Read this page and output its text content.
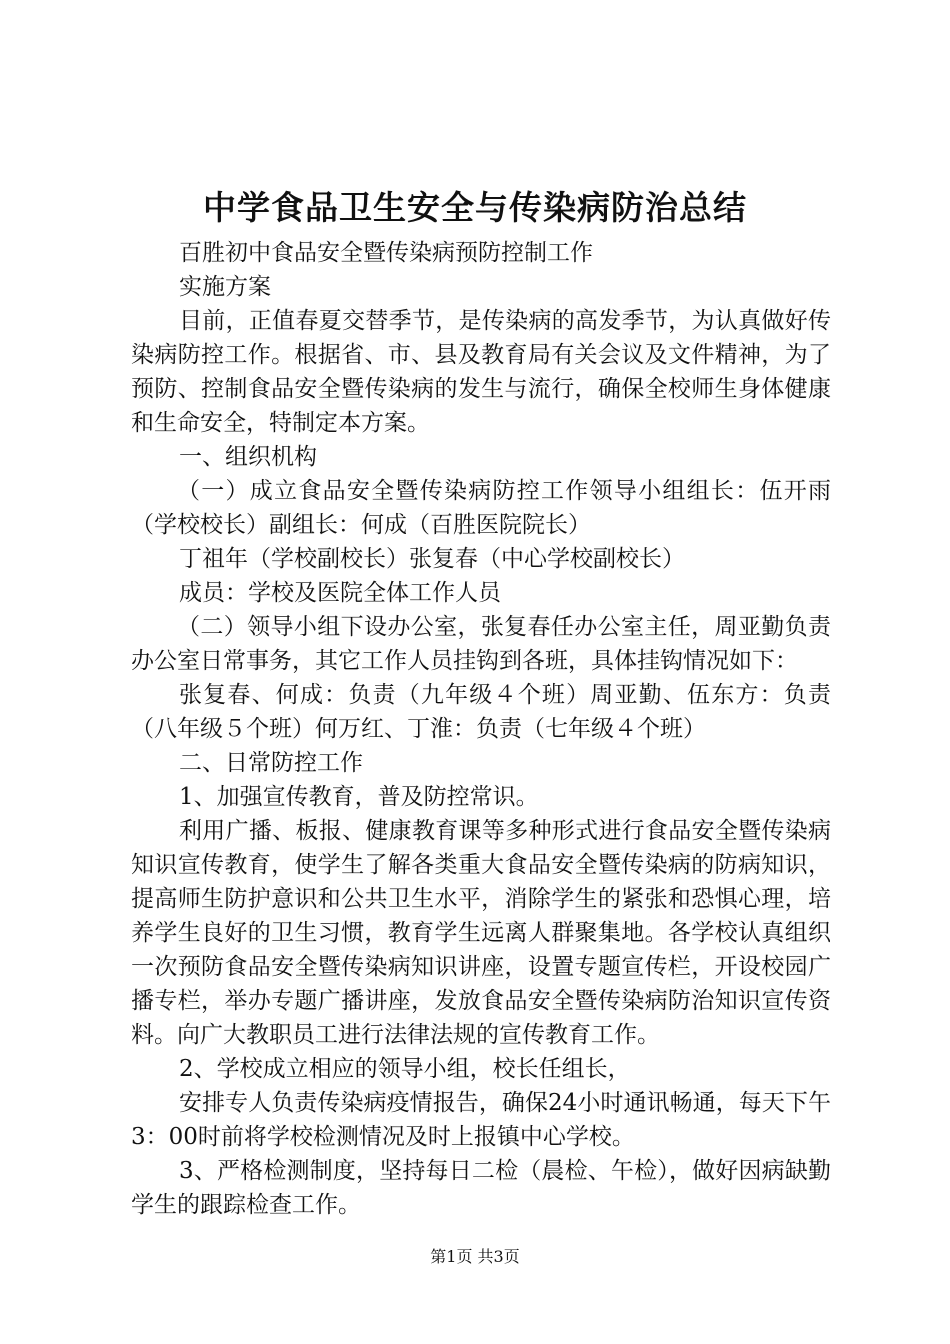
中学食品卫生安全与传染病防治总结

百胜初中食品安全暨传染病预防控制工作

实施方案

目前，正值春夏交替季节，是传染病的高发季节，为认真做好传染病防控工作。根据省、市、县及教育局有关会议及文件精神，为了预防、控制食品安全暨传染病的发生与流行，确保全校师生身体健康和生命安全，特制定本方案。

一、组织机构

（一）成立食品安全暨传染病防控工作领导小组组长：伍开雨（学校校长）副组长：何成（百胜医院院长）

丁祖年（学校副校长）张复春（中心学校副校长）

成员：学校及医院全体工作人员

（二）领导小组下设办公室，张复春任办公室主任，周亚勤负责办公室日常事务，其它工作人员挂钩到各班，具体挂钩情况如下：

张复春、何成：负责（九年级４个班）周亚勤、伍东方：负责（八年级５个班）何万红、丁淮：负责（七年级４个班）

二、日常防控工作

1、加强宣传教育，普及防控常识。

利用广播、板报、健康教育课等多种形式进行食品安全暨传染病知识宣传教育，使学生了解各类重大食品安全暨传染病的防病知识，提高师生防护意识和公共卫生水平，消除学生的紧张和恐惧心理，培养学生良好的卫生习惯，教育学生远离人群聚集地。各学校认真组织一次预防食品安全暨传染病知识讲座，设置专题宣传栏，开设校园广播专栏，举办专题广播讲座，发放食品安全暨传染病防治知识宣传资料。向广大教职员工进行法律法规的宣传教育工作。

2、学校成立相应的领导小组，校长任组长，

安排专人负责传染病疫情报告，确保24小时通讯畅通，每天下午3：00时前将学校检测情况及时上报镇中心学校。

3、严格检测制度，坚持每日二检（晨检、午检），做好因病缺勤学生的跟踪检查工作。

第1页 共3页
